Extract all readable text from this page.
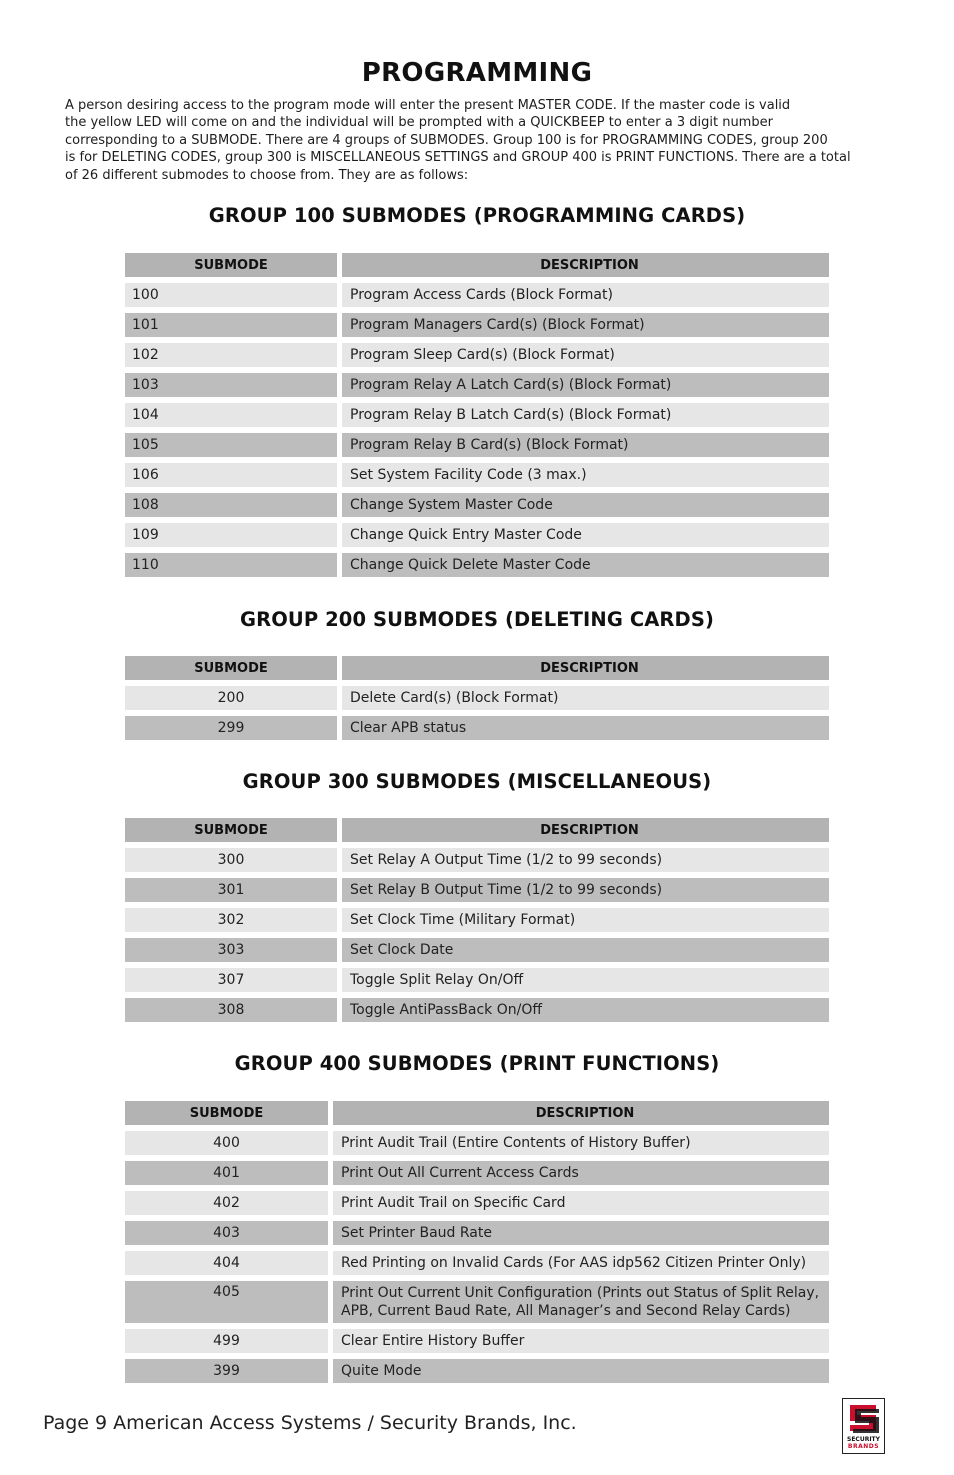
PROGRAMMING
A person desiring access to the program mode will enter the present MASTER CODE. If the master code is valid
the yellow LED will come on and the individual will be prompted with a QUICKBEEP to enter a 3 digit number
corresponding to a SUBMODE. There are 4 groups of SUBMODES. Group 100 is for PROGRAMMING CODES, group 200
is for DELETING CODES, group 300 is MISCELLANEOUS SETTINGS and GROUP 400 is PRINT FUNCTIONS. There are a total
of 26 different submodes to choose from. They are as follows:
GROUP 100 SUBMODES (PROGRAMMING CARDS)
SUBMODE	DESCRIPTION
100	Program Access Cards (Block Format)
101	Program Managers Card(s) (Block Format)
102	Program Sleep Card(s) (Block Format)
103	Program Relay A Latch Card(s) (Block Format)
104	Program Relay B Latch Card(s) (Block Format)
105	Program Relay B Card(s) (Block Format)
106	Set System Facility Code (3 max.)
108	Change System Master Code
109	Change Quick Entry Master Code
110	Change Quick Delete Master Code
GROUP 200 SUBMODES (DELETING CARDS)
SUBMODE	DESCRIPTION
200	Delete Card(s) (Block Format)
299	Clear APB status
GROUP 300 SUBMODES (MISCELLANEOUS)
SUBMODE	DESCRIPTION
300	Set Relay A Output Time (1/2 to 99 seconds)
301	Set Relay B Output Time (1/2 to 99 seconds)
302	Set Clock Time (Military Format)
303	Set Clock Date
307	Toggle Split Relay On/Off
308	Toggle AntiPassBack On/Off
GROUP 400 SUBMODES (PRINT FUNCTIONS)
SUBMODE	DESCRIPTION
400	Print Audit Trail (Entire Contents of History Buffer)
401	Print Out All Current Access Cards
402	Print Audit Trail on Specific Card
403	Set Printer Baud Rate
404	Red Printing on Invalid Cards (For AAS idp562 Citizen Printer Only)
405	Print Out Current Unit Configuration (Prints out Status of Split Relay,
APB, Current Baud Rate, All Manager’s and Second Relay Cards)
499	Clear Entire History Buffer
399	Quite Mode
Page 9 American Access Systems / Security Brands, Inc.
SECURITY
BRANDS
